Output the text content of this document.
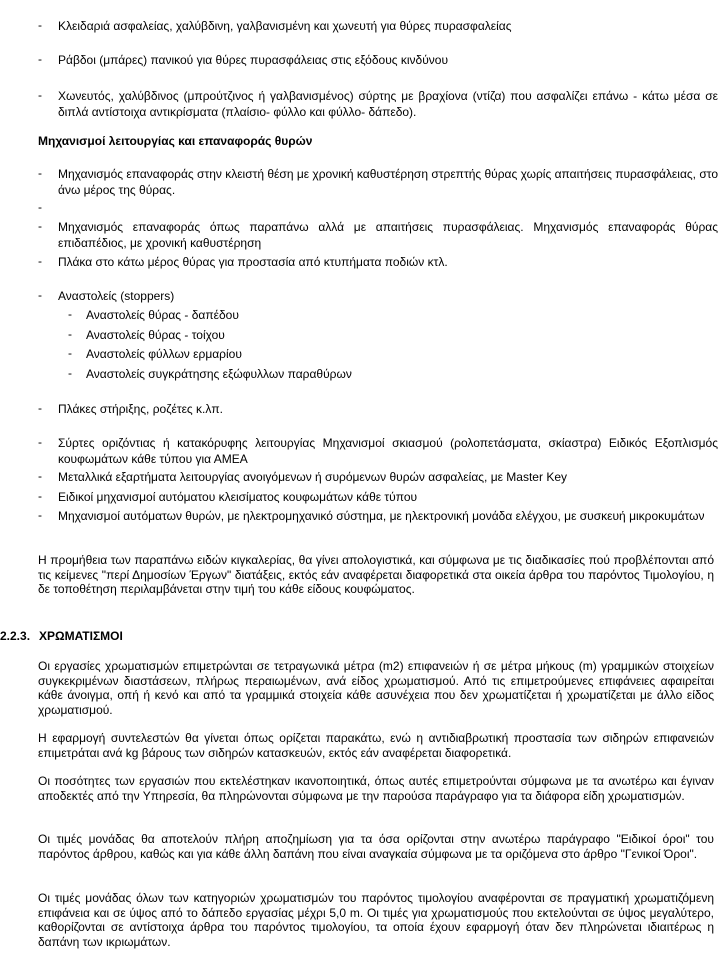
- Κλειδαριά ασφαλείας, χαλύβδινη, γαλβανισμένη και χωνευτή για θύρες πυρασφαλείας
- Ράβδοι (μπάρες) πανικού για θύρες πυρασφάλειας στις εξόδους κινδύνου
- Χωνευτός, χαλύβδινος (μπρούτζινος ή γαλβανισμένος) σύρτης με βραχίονα (ντίζα) που ασφαλίζει επάνω - κάτω μέσα σε διπλά αντίστοιχα αντικρίσματα (πλαίσιο- φύλλο και φύλλο- δάπεδο).
Μηχανισμοί λειτουργίας και επαναφοράς θυρών
- Μηχανισμός επαναφοράς στην κλειστή θέση με χρονική καθυστέρηση στρεπτής θύρας χωρίς απαιτήσεις πυρασφάλειας, στο άνω μέρος της θύρας.
-
- Μηχανισμός επαναφοράς όπως παραπάνω αλλά με απαιτήσεις πυρασφάλειας. Μηχανισμός επαναφοράς θύρας επιδαπέδιος, με χρονική καθυστέρηση
- Πλάκα στο κάτω μέρος θύρας για προστασία από κτυπήματα ποδιών κτλ.
- Αναστολείς (stoppers)
- Αναστολείς θύρας - δαπέδου
- Αναστολείς θύρας - τοίχου
- Αναστολείς φύλλων ερμαρίου
- Αναστολείς συγκράτησης εξώφυλλων παραθύρων
- Πλάκες στήριξης, ροζέτες κ.λπ.
- Σύρτες οριζόντιας ή κατακόρυφης λειτουργίας Μηχανισμοί σκιασμού (ρολοπετάσματα, σκίαστρα) Ειδικός Εξοπλισμός κουφωμάτων κάθε τύπου για ΑΜΕΑ
- Μεταλλικά εξαρτήματα λειτουργίας ανοιγόμενων ή συρόμενων θυρών ασφαλείας, με Master Key
- Ειδικοί μηχανισμοί αυτόματου κλεισίματος κουφωμάτων κάθε τύπου
- Μηχανισμοί αυτόματων θυρών, με ηλεκτρομηχανικό σύστημα, με ηλεκτρονική μονάδα ελέγχου, με συσκευή μικροκυμάτων
Η προμήθεια των παραπάνω ειδών κιγκαλερίας, θα γίνει απολογιστικά, και σύμφωνα με τις διαδικασίες πού προβλέπονται από τις κείμενες "περί Δημοσίων Έργων" διατάξεις, εκτός εάν αναφέρεται διαφορετικά στα οικεία άρθρα του παρόντος Τιμολογίου, η δε τοποθέτηση περιλαμβάνεται στην τιμή του κάθε είδους κουφώματος.
2.2.3. ΧΡΩΜΑΤΙΣΜΟΙ
Οι εργασίες χρωματισμών επιμετρώνται σε τετραγωνικά μέτρα (m2) επιφανειών ή σε μέτρα μήκους (m) γραμμικών στοιχείων συγκεκριμένων διαστάσεων, πλήρως περαιωμένων, ανά είδος χρωματισμού. Από τις επιμετρούμενες επιφάνειες αφαιρείται κάθε άνοιγμα, οπή ή κενό και από τα γραμμικά στοιχεία κάθε ασυνέχεια που δεν χρωματίζεται ή χρωματίζεται με άλλο είδος χρωματισμού.
Η εφαρμογή συντελεστών θα γίνεται όπως ορίζεται παρακάτω, ενώ η αντιδιαβρωτική προστασία των σιδηρών επιφανειών επιμετράται ανά kg βάρους των σιδηρών κατασκευών, εκτός εάν αναφέρεται διαφορετικά.
Οι ποσότητες των εργασιών που εκτελέστηκαν ικανοποιητικά, όπως αυτές επιμετρούνται σύμφωνα με τα ανωτέρω και έγιναν αποδεκτές από την Υπηρεσία, θα πληρώνονται σύμφωνα με την παρούσα παράγραφο για τα διάφορα είδη χρωματισμών.
Οι τιμές μονάδας θα αποτελούν πλήρη αποζημίωση για τα όσα ορίζονται στην ανωτέρω παράγραφο "Ειδικοί όροι" του παρόντος άρθρου, καθώς και για κάθε άλλη δαπάνη που είναι αναγκαία σύμφωνα με τα οριζόμενα στο άρθρο "Γενικοί Όροι".
Οι τιμές μονάδας όλων των κατηγοριών χρωματισμών του παρόντος τιμολογίου αναφέρονται σε πραγματική χρωματιζόμενη επιφάνεια και σε ύψος από το δάπεδο εργασίας μέχρι 5,0 m. Οι τιμές για χρωματισμούς που εκτελούνται σε ύψος μεγαλύτερο, καθορίζονται σε αντίστοιχα άρθρα του παρόντος τιμολογίου, τα οποία έχουν εφαρμογή όταν δεν πληρώνεται ιδιαιτέρως η δαπάνη των ικριωμάτων.
